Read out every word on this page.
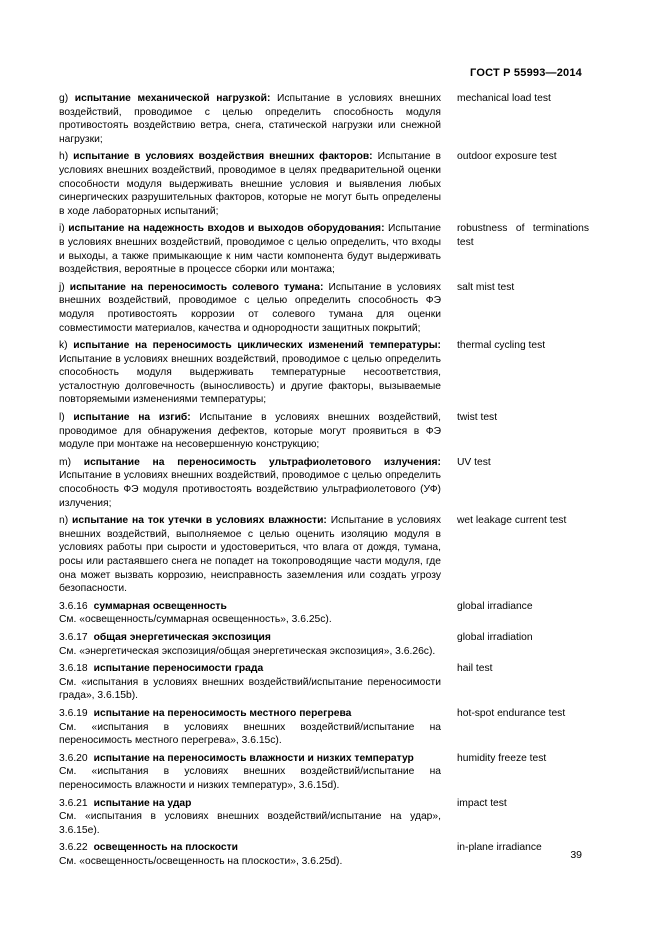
ГОСТ Р 55993—2014
g) испытание механической нагрузкой: Испытание в условиях внешних воздействий, проводимое с целью определить способность модуля противостоять воздействию ветра, снега, статической нагрузки или снежной нагрузки;
mechanical load test
h) испытание в условиях воздействия внешних факторов: Испытание в условиях внешних воздействий, проводимое в целях предварительной оценки способности модуля выдерживать внешние условия и выявления любых синергических разрушительных факторов, которые не могут быть определены в ходе лабораторных испытаний;
outdoor exposure test
i) испытание на надежность входов и выходов оборудования: Испытание в условиях внешних воздействий, проводимое с целью определить, что входы и выходы, а также примыкающие к ним части компонента будут выдерживать воздействия, вероятные в процессе сборки или монтажа;
robustness of terminations test
j) испытание на переносимость солевого тумана: Испытание в условиях внешних воздействий, проводимое с целью определить способность ФЭ модуля противостоять коррозии от солевого тумана для оценки совместимости материалов, качества и однородности защитных покрытий;
salt mist test
k) испытание на переносимость циклических изменений температуры: Испытание в условиях внешних воздействий, проводимое с целью определить способность модуля выдерживать температурные несоответствия, усталостную долговечность (выносливость) и другие факторы, вызываемые повторяемыми изменениями температуры;
thermal cycling test
l) испытание на изгиб: Испытание в условиях внешних воздействий, проводимое для обнаружения дефектов, которые могут проявиться в ФЭ модуле при монтаже на несовершенную конструкцию;
twist test
m) испытание на переносимость ультрафиолетового излучения: Испытание в условиях внешних воздействий, проводимое с целью определить способность ФЭ модуля противостоять воздействию ультрафиолетового (УФ) излучения;
UV test
n) испытание на ток утечки в условиях влажности: Испытание в условиях внешних воздействий, выполняемое с целью оценить изоляцию модуля в условиях работы при сырости и удостовериться, что влага от дождя, тумана, росы или растаявшего снега не попадет на токопроводящие части модуля, где она может вызвать коррозию, неисправность заземления или создать угрозу безопасности.
wet leakage current test
3.6.16 суммарная освещенность
См. «освещенность/суммарная освещенность», 3.6.25с).
global irradiance
3.6.17 общая энергетическая экспозиция
См. «энергетическая экспозиция/общая энергетическая экспозиция», 3.6.26с).
global irradiation
3.6.18 испытание переносимости града
См. «испытания в условиях внешних воздействий/испытание переносимости града», 3.6.15b).
hail test
3.6.19 испытание на переносимость местного перегрева
См. «испытания в условиях внешних воздействий/испытание на переносимость местного перегрева», 3.6.15с).
hot-spot endurance test
3.6.20 испытание на переносимость влажности и низких температур
См. «испытания в условиях внешних воздействий/испытание на переносимость влажности и низких температур», 3.6.15d).
humidity freeze test
3.6.21 испытание на удар
См. «испытания в условиях внешних воздействий/испытание на удар», 3.6.15е).
impact test
3.6.22 освещенность на плоскости
См. «освещенность/освещенность на плоскости», 3.6.25d).
in-plane irradiance
39
